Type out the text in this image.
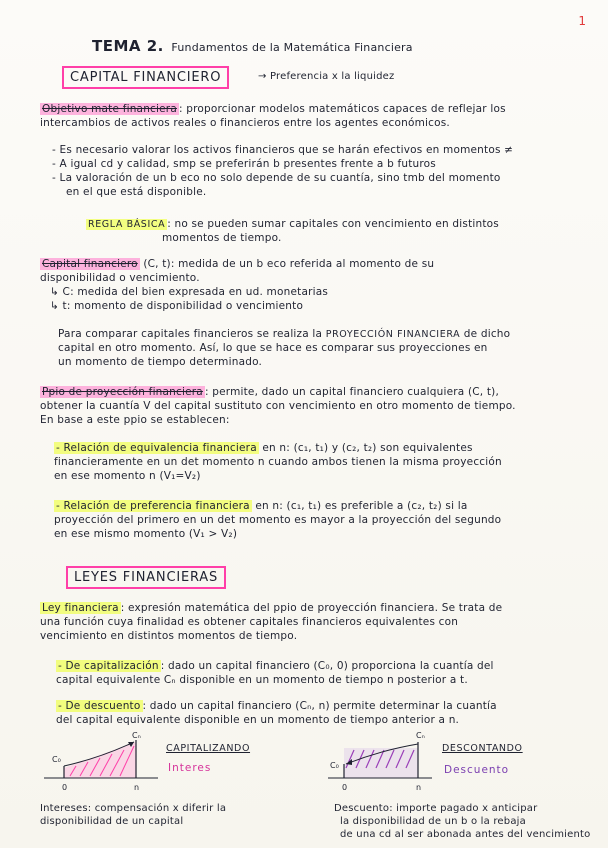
1
TEMA 2. Fundamentos de la Matemática Financiera
CAPITAL FINANCIERO	→ Preferencia x la liquidez
Objetivo mate financiera : proporcionar modelos matemáticos capaces de reflejar los
intercambios de activos reales o financieros entre los agentes económicos.
- Es necesario valorar los activos financieros que se harán efectivos en momentos ≠
- A igual cd y calidad, smp se preferirán b presentes frente a b futuros
- La valoración de un b eco no solo depende de su cuantía, sino tmb del momento
en el que está disponible.
REGLA BÁSICA : no se pueden sumar capitales con vencimiento en distintos
momentos de tiempo.
Capital financiero (C, t): medida de un b eco referida al momento de su
disponibilidad o vencimiento.
↳ C: medida del bien expresada en ud. monetarias
↳ t: momento de disponibilidad o vencimiento
Para comparar capitales financieros se realiza la PROYECCIÓN FINANCIERA de dicho
capital en otro momento. Así, lo que se hace es comparar sus proyecciones en
un momento de tiempo determinado.
Ppio de proyección financiera : permite, dado un capital financiero cualquiera (C, t),
obtener la cuantía V del capital sustituto con vencimiento en otro momento de tiempo.
En base a este ppio se establecen:
- Relación de equivalencia financiera en n: (c₁, t₁) y (c₂, t₂) son equivalentes
financieramente en un det momento n cuando ambos tienen la misma proyección
en ese momento n (V₁=V₂)
- Relación de preferencia financiera en n: (c₁, t₁) es preferible a (c₂, t₂) si la
proyección del primero en un det momento es mayor a la proyección del segundo
en ese mismo momento (V₁ > V₂)
LEYES FINANCIERAS
Ley financiera : expresión matemática del ppio de proyección financiera. Se trata de
una función cuya finalidad es obtener capitales financieros equivalentes con
vencimiento en distintos momentos de tiempo.
- De capitalización : dado un capital financiero (C₀, 0) proporciona la cuantía del
capital equivalente Cₙ disponible en un momento de tiempo n posterior a t.
- De descuento : dado un capital financiero (Cₙ, n) permite determinar la cuantía
del capital equivalente disponible en un momento de tiempo anterior a n.
C₀
Cₙ
0	n
CAPITALIZANDO
Interes
Intereses: compensación x diferir la
disponibilidad de un capital
C₀
Cₙ
0	n
DESCONTANDO
Descuento
Descuento: importe pagado x anticipar
la disponibilidad de un b o la rebaja
de una cd al ser abonada antes del vencimiento
